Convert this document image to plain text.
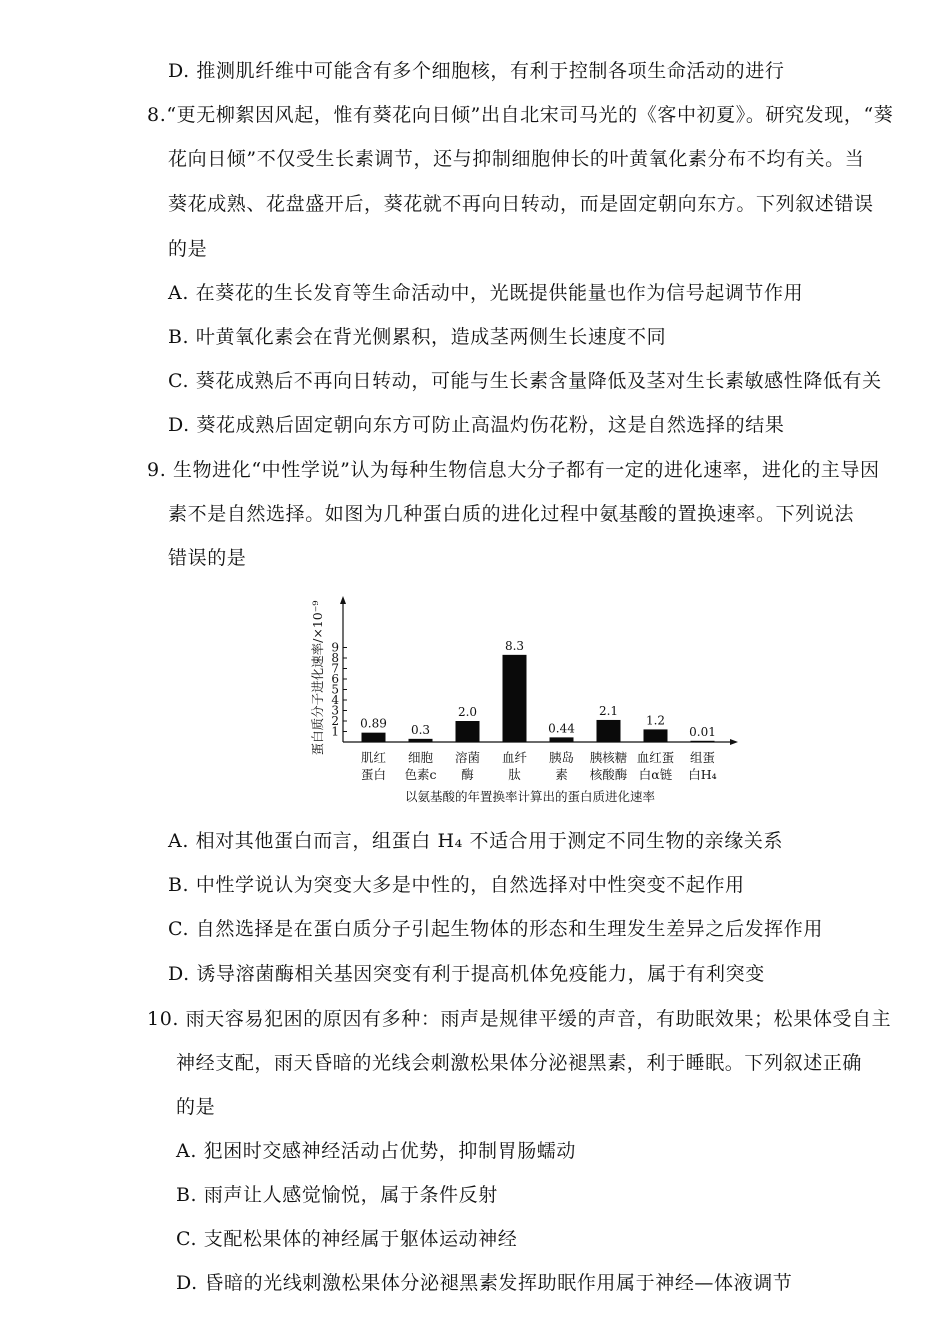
D. 推测肌纤维中可能含有多个细胞核，有利于控制各项生命活动的进行
8.“更无柳絮因风起，惟有葵花向日倾”出自北宋司马光的《客中初夏》。研究发现，“葵
花向日倾”不仅受生长素调节，还与抑制细胞伸长的叶黄氧化素分布不均有关。当
葵花成熟、花盘盛开后，葵花就不再向日转动，而是固定朝向东方。下列叙述错误
的是
A. 在葵花的生长发育等生命活动中，光既提供能量也作为信号起调节作用
B. 叶黄氧化素会在背光侧累积，造成茎两侧生长速度不同
C. 葵花成熟后不再向日转动，可能与生长素含量降低及茎对生长素敏感性降低有关
D. 葵花成熟后固定朝向东方可防止高温灼伤花粉，这是自然选择的结果
9. 生物进化“中性学说”认为每种生物信息大分子都有一定的进化速率，进化的主导因
素不是自然选择。如图为几种蛋白质的进化过程中氨基酸的置换速率。下列说法
错误的是
蛋白质分子进化速率/×10⁻⁹ 1
2
3
4
5
6
7
8
9
0.89 0.3
2.0
8.3
0.44
2.1
1.2
0.01
肌红
蛋白
细胞
色素c
溶菌
酶
血纤
肽
胰岛
素
胰核糖
核酸酶
血红蛋
白α链
组蛋
白H₄
以氨基酸的年置换率计算出的蛋白质进化速率
A. 相对其他蛋白而言，组蛋白 H₄ 不适合用于测定不同生物的亲缘关系
B. 中性学说认为突变大多是中性的，自然选择对中性突变不起作用
C. 自然选择是在蛋白质分子引起生物体的形态和生理发生差异之后发挥作用
D. 诱导溶菌酶相关基因突变有利于提高机体免疫能力，属于有利突变
10. 雨天容易犯困的原因有多种：雨声是规律平缓的声音，有助眠效果；松果体受自主
神经支配，雨天昏暗的光线会刺激松果体分泌褪黑素，利于睡眠。下列叙述正确
的是
A. 犯困时交感神经活动占优势，抑制胃肠蠕动
B. 雨声让人感觉愉悦，属于条件反射
C. 支配松果体的神经属于躯体运动神经
D. 昏暗的光线刺激松果体分泌褪黑素发挥助眠作用属于神经—体液调节
